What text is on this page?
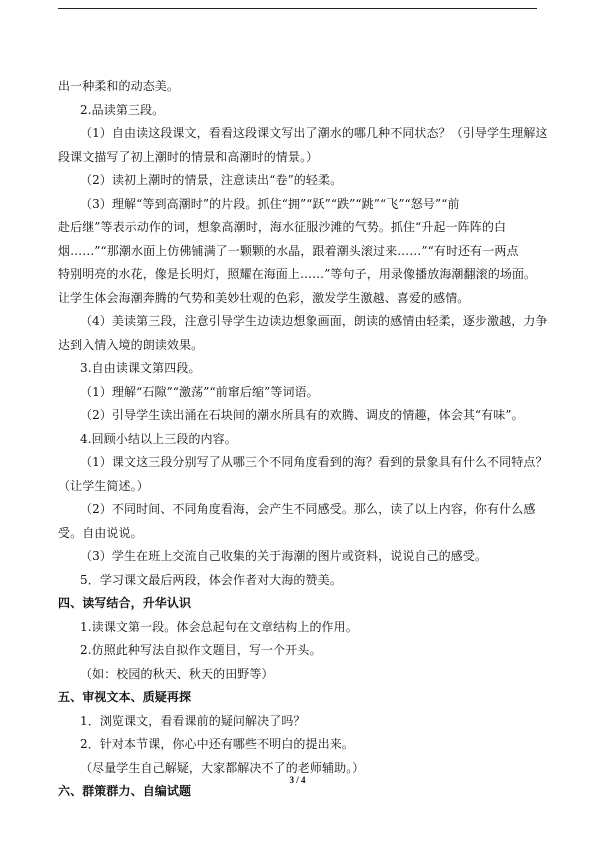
出一种柔和的动态美。
2.品读第三段。
（1）自由读这段课文，看看这段课文写出了潮水的哪几种不同状态？（引导学生理解这
段课文描写了初上潮时的情景和高潮时的情景。）
（2）读初上潮时的情景，注意读出“卷”的轻柔。
（3）理解“等到高潮时”的片段。抓住“拥”“跃”“跌”“跳”“飞”“怒号”“前
赴后继”等表示动作的词，想象高潮时，海水征服沙滩的气势。抓住“升起一阵阵的白
烟……”“那潮水面上仿佛铺满了一颗颗的水晶，跟着潮头滚过来……”“有时还有一两点
特别明亮的水花，像是长明灯，照耀在海面上……”等句子，用录像播放海潮翻滚的场面。
让学生体会海潮奔腾的气势和美妙壮观的色彩，激发学生激越、喜爱的感情。
（4）美读第三段，注意引导学生边读边想象画面，朗读的感情由轻柔，逐步激越，力争
达到入情入境的朗读效果。
3.自由读课文第四段。
（1）理解“石隙”“激荡”“前窜后缩”等词语。
（2）引导学生读出涌在石块间的潮水所具有的欢腾、调皮的情趣，体会其“有味”。
4.回顾小结以上三段的内容。
（1）课文这三段分别写了从哪三个不同角度看到的海？看到的景象具有什么不同特点？
（让学生简述。）
（2）不同时间、不同角度看海，会产生不同感受。那么，读了以上内容，你有什么感
受。自由说说。
（3）学生在班上交流自己收集的关于海潮的图片或资料，说说自己的感受。
5．学习课文最后两段，体会作者对大海的赞美。
四、读写结合，升华认识
1.读课文第一段。体会总起句在文章结构上的作用。
2.仿照此种写法自拟作文题目，写一个开头。
（如：校园的秋天、秋天的田野等）
五、审视文本、质疑再探
1．浏览课文，看看课前的疑问解决了吗？
2．针对本节课，你心中还有哪些不明白的提出来。
（尽量学生自己解疑，大家都解决不了的老师辅助。）
六、群策群力、自编试题
3 / 4
